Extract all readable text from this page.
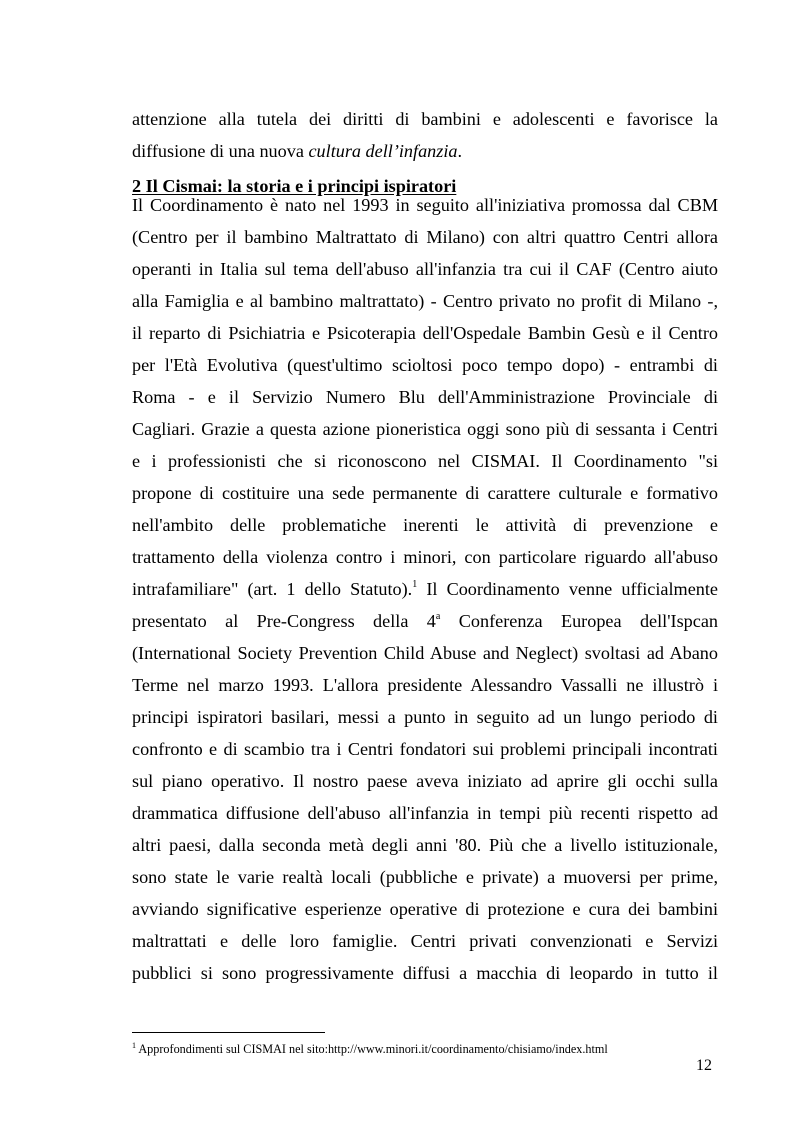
attenzione alla tutela dei diritti di bambini e adolescenti e favorisce la
diffusione di una nuova cultura dell’infanzia.
2 Il Cismai: la storia e i principi ispiratori
Il Coordinamento è nato nel 1993 in seguito all'iniziativa promossa dal CBM
(Centro per il bambino Maltrattato di Milano) con altri quattro Centri allora
operanti in Italia sul tema dell'abuso all'infanzia tra cui il CAF (Centro aiuto
alla Famiglia e al bambino maltrattato) - Centro privato no profit di Milano -,
il reparto di Psichiatria e Psicoterapia dell'Ospedale Bambin Gesù e il Centro
per l'Età Evolutiva (quest'ultimo scioltosi poco tempo dopo) - entrambi di
Roma - e il Servizio Numero Blu dell'Amministrazione Provinciale di
Cagliari. Grazie a questa azione pioneristica oggi sono più di sessanta i Centri
e i professionisti che si riconoscono nel CISMAI. Il Coordinamento "si
propone di costituire una sede permanente di carattere culturale e formativo
nell'ambito delle problematiche inerenti le attività di prevenzione e
trattamento della violenza contro i minori, con particolare riguardo all'abuso
intrafamiliare" (art. 1 dello Statuto).$^1$ Il Coordinamento venne ufficialmente
presentato al Pre-Congress della 4$^a$ Conferenza Europea dell'Ispcan
(International Society Prevention Child Abuse and Neglect) svoltasi ad Abano
Terme nel marzo 1993. L'allora presidente Alessandro Vassalli ne illustrò i
principi ispiratori basilari, messi a punto in seguito ad un lungo periodo di
confronto e di scambio tra i Centri fondatori sui problemi principali incontrati
sul piano operativo. Il nostro paese aveva iniziato ad aprire gli occhi sulla
drammatica diffusione dell'abuso all'infanzia in tempi più recenti rispetto ad
altri paesi, dalla seconda metà degli anni '80. Più che a livello istituzionale,
sono state le varie realtà locali (pubbliche e private) a muoversi per prime,
avviando significative esperienze operative di protezione e cura dei bambini
maltrattati e delle loro famiglie. Centri privati convenzionati e Servizi
pubblici si sono progressivamente diffusi a macchia di leopardo in tutto il
$^1$ Approfondimenti sul CISMAI nel sito:http://www.minori.it/coordinamento/chisiamo/index.html
12
